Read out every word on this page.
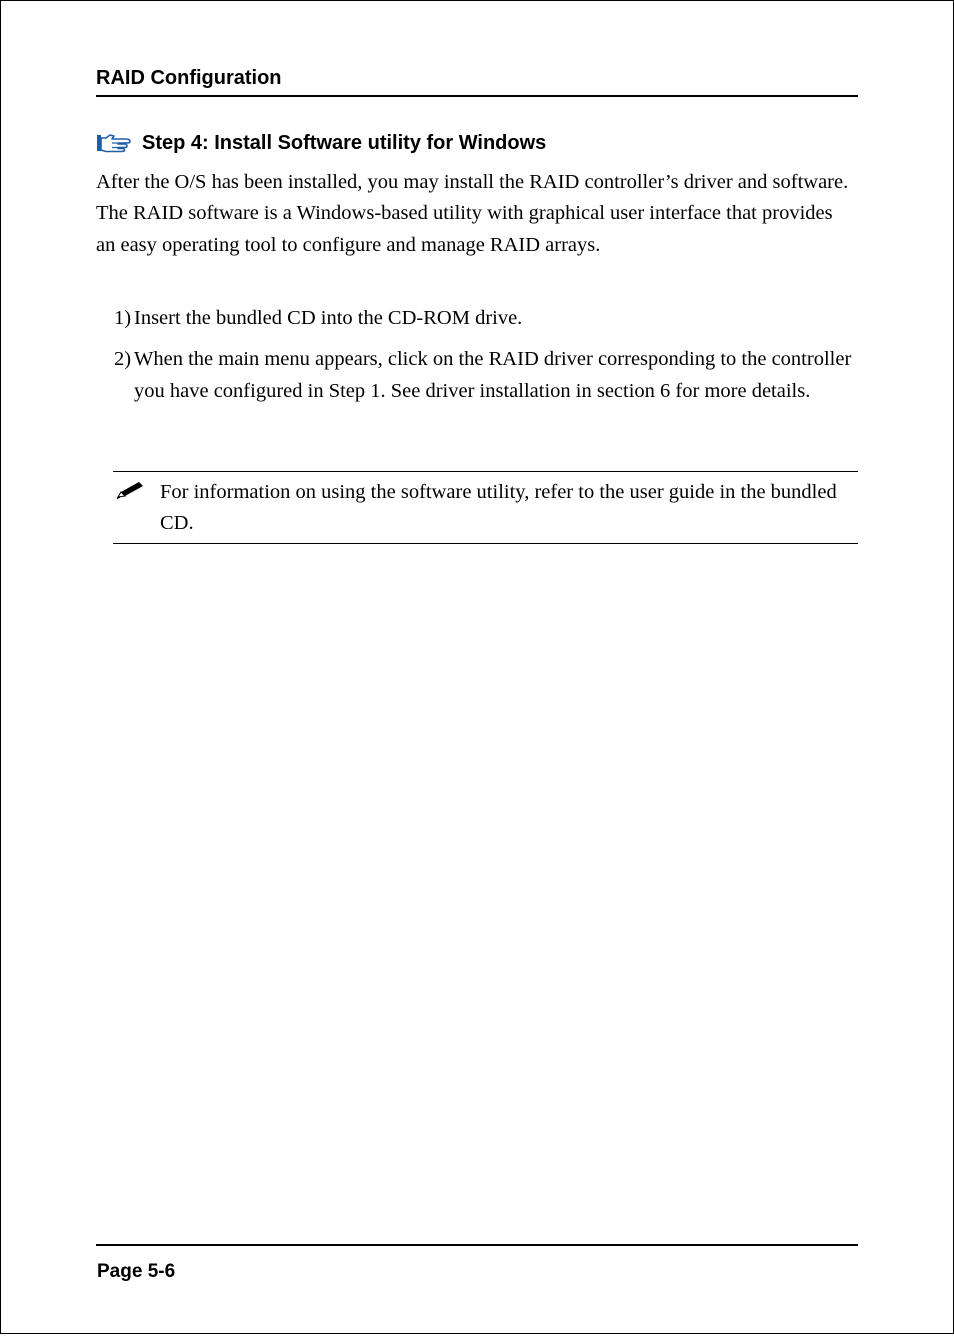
RAID Configuration
Step 4: Install Software utility for Windows

After the O/S has been installed, you may install the RAID controller’s driver and software. The RAID software is a Windows-based utility with graphical user interface that provides an easy operating tool to configure and manage RAID arrays.

1) Insert the bundled CD into the CD-ROM drive.
2) When the main menu appears, click on the RAID driver corresponding to the controller you have configured in Step 1. See driver installation in section 6 for more details.

For information on using the software utility, refer to the user guide in the bundled CD.

Page 5-6
